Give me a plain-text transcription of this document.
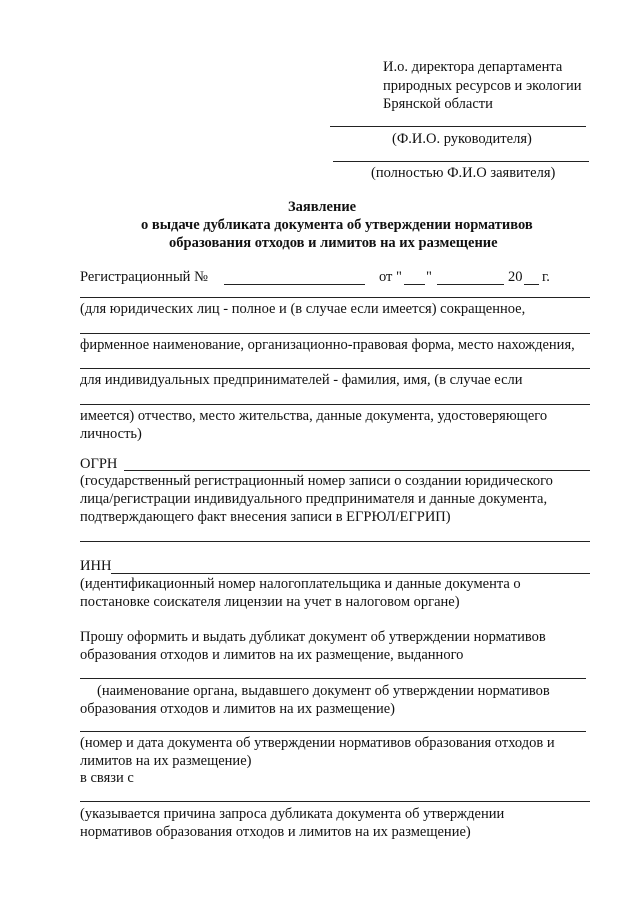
И.о. директора департамента
природных ресурсов и экологии
Брянской области
(Ф.И.О. руководителя)
(полностью Ф.И.О заявителя)
Заявление
о выдаче дубликата документа об утверждении нормативов
образования отходов и лимитов на их размещение
Регистрационный №	от " "	20 г.
(для юридических лиц - полное и (в случае если имеется) сокращенное,
фирменное наименование, организационно-правовая форма, место нахождения,
для индивидуальных предпринимателей - фамилия, имя, (в случае если
имеется) отчество, место жительства, данные документа, удостоверяющего
личность)
ОГРН
(государственный регистрационный номер записи о создании юридического
лица/регистрации индивидуального предпринимателя и данные документа,
подтверждающего факт внесения записи в ЕГРЮЛ/ЕГРИП)
ИНН
(идентификационный номер налогоплательщика и данные документа о
постановке соискателя лицензии на учет в налоговом органе)
Прошу оформить и выдать дубликат документ об утверждении нормативов
образования отходов и лимитов на их размещение, выданного
(наименование органа, выдавшего документ об утверждении нормативов
образования отходов и лимитов на их размещение)
(номер и дата документа об утверждении нормативов образования отходов и
лимитов на их размещение)
в связи с
(указывается причина запроса дубликата документа об утверждении
нормативов образования отходов и лимитов на их размещение)
